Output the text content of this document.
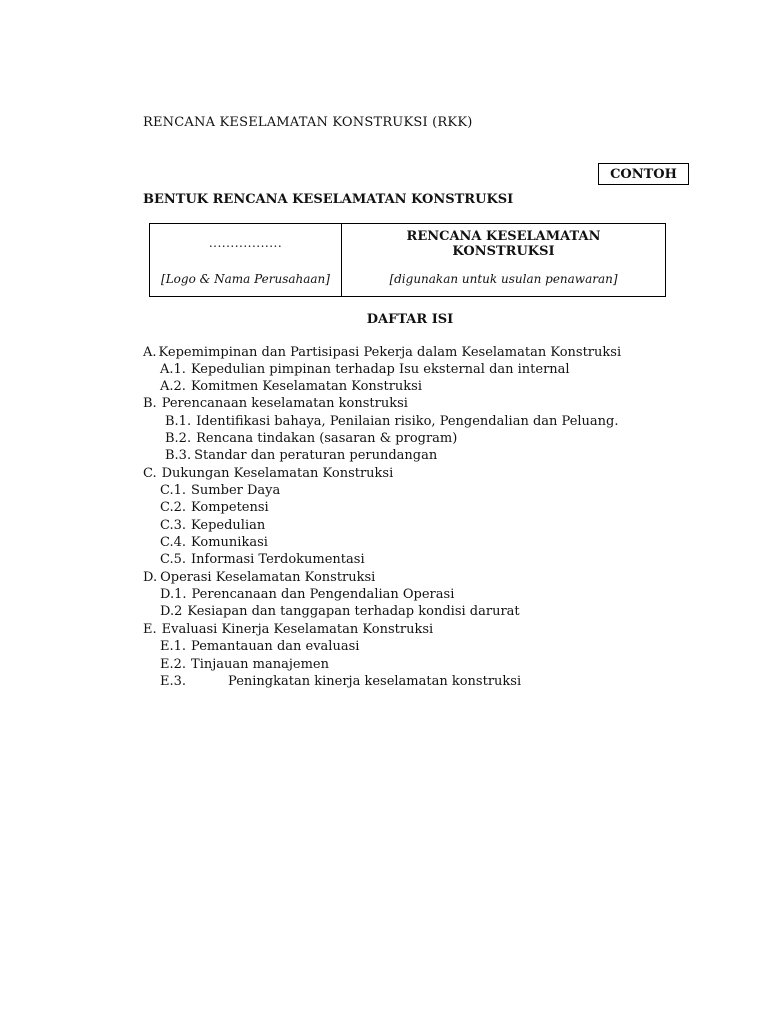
RENCANA KESELAMATAN KONSTRUKSI (RKK)
CONTOH
BENTUK RENCANA KESELAMATAN KONSTRUKSI
.................
[Logo & Nama Perusahaan]
RENCANA KESELAMATAN
KONSTRUKSI
[digunakan untuk usulan penawaran]
DAFTAR ISI
A. Kepemimpinan dan Partisipasi Pekerja dalam Keselamatan Konstruksi
A.1. Kepedulian pimpinan terhadap Isu eksternal dan internal
A.2. Komitmen Keselamatan Konstruksi
B. Perencanaan keselamatan konstruksi
B.1. Identifikasi bahaya, Penilaian risiko, Pengendalian dan Peluang.
B.2. Rencana tindakan (sasaran & program)
B.3. Standar dan peraturan perundangan
C. Dukungan Keselamatan Konstruksi
C.1. Sumber Daya
C.2. Kompetensi
C.3. Kepedulian
C.4. Komunikasi
C.5. Informasi Terdokumentasi
D. Operasi Keselamatan Konstruksi
D.1. Perencanaan dan Pengendalian Operasi
D.2 Kesiapan dan tanggapan terhadap kondisi darurat
E. Evaluasi Kinerja Keselamatan Konstruksi
E.1. Pemantauan dan evaluasi
E.2. Tinjauan manajemen
E.3.	Peningkatan kinerja keselamatan konstruksi
